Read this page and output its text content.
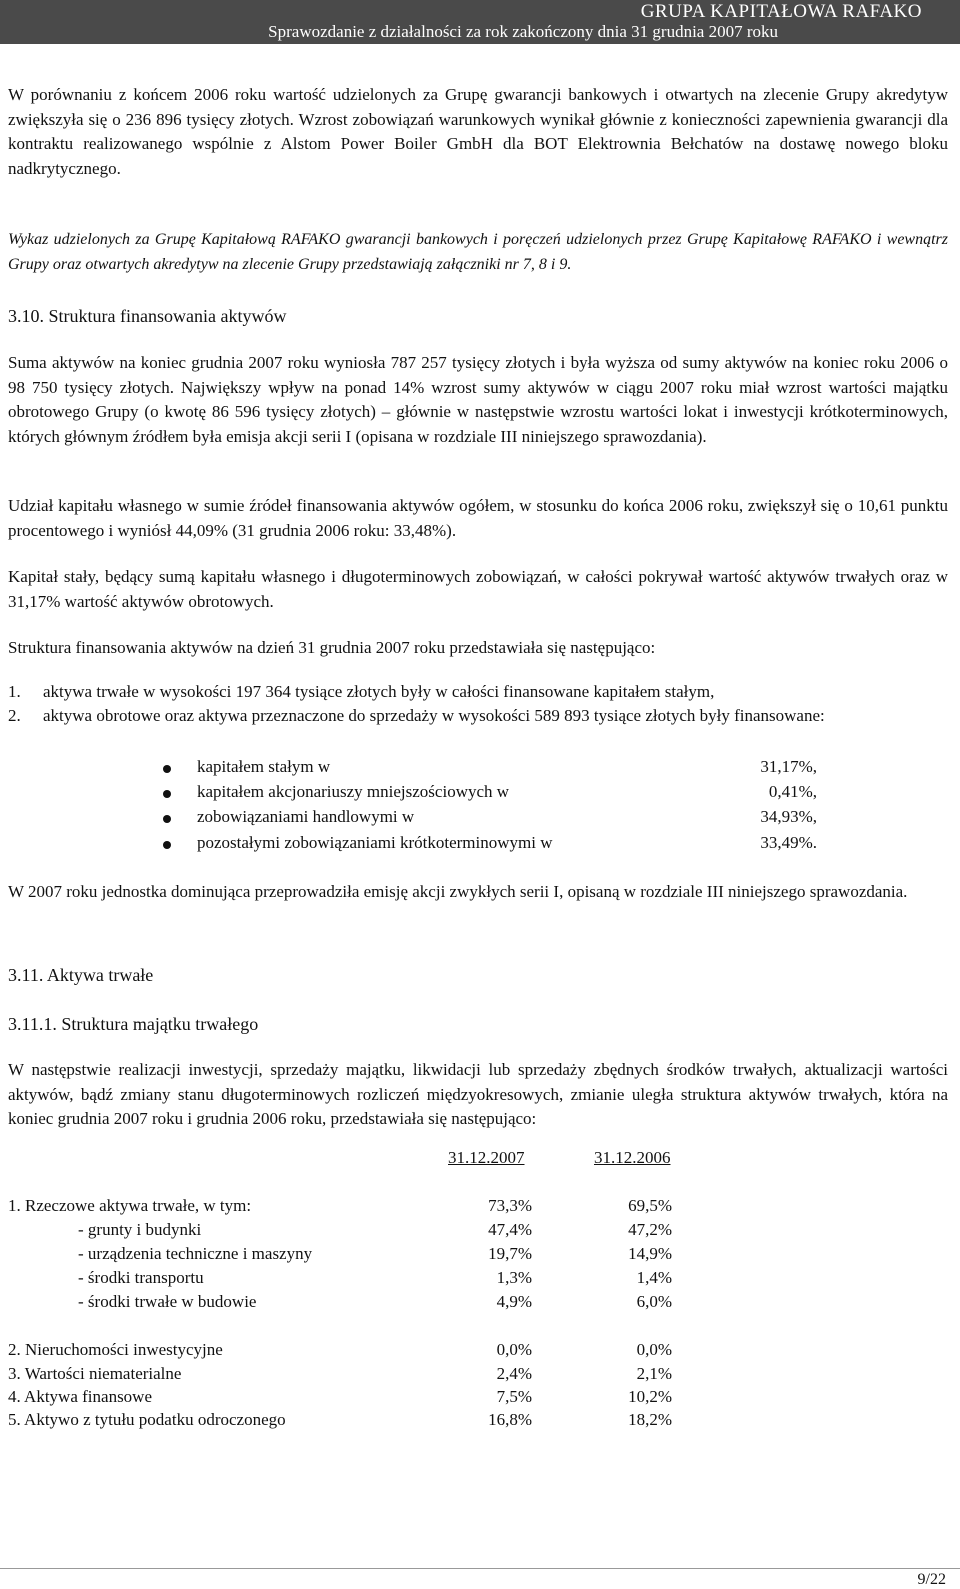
GRUPA KAPITAŁOWA RAFAKO
Sprawozdanie z działalności za rok zakończony dnia 31 grudnia 2007 roku
W porównaniu z końcem 2006 roku wartość udzielonych za Grupę gwarancji bankowych i otwartych na zlecenie Grupy akredytyw zwiększyła się o 236 896 tysięcy złotych. Wzrost zobowiązań warunkowych wynikał głównie z konieczności zapewnienia gwarancji dla kontraktu realizowanego wspólnie z Alstom Power Boiler GmbH dla BOT Elektrownia Bełchatów na dostawę nowego bloku nadkrytycznego.
Wykaz udzielonych za Grupę Kapitałową RAFAKO gwarancji bankowych i poręczeń udzielonych przez Grupę Kapitałowę RAFAKO i wewnątrz Grupy oraz otwartych akredytyw na zlecenie Grupy przedstawiają załączniki nr 7, 8 i 9.
3.10. Struktura finansowania aktywów
Suma aktywów na koniec grudnia 2007 roku wyniosła 787 257 tysięcy złotych i była wyższa od sumy aktywów na koniec roku 2006 o 98 750 tysięcy złotych. Największy wpływ na ponad 14% wzrost sumy aktywów w ciągu 2007 roku miał wzrost wartości majątku obrotowego Grupy (o kwotę 86 596 tysięcy złotych) – głównie w następstwie wzrostu wartości lokat i inwestycji krótkoterminowych, których głównym źródłem była emisja akcji serii I (opisana w rozdziale III niniejszego sprawozdania).
Udział kapitału własnego w sumie źródeł finansowania aktywów ogółem, w stosunku do końca 2006 roku, zwiększył się o 10,61 punktu procentowego i wyniósł 44,09% (31 grudnia 2006 roku: 33,48%).
Kapitał stały, będący sumą kapitału własnego i długoterminowych zobowiązań, w całości pokrywał wartość aktywów trwałych oraz w 31,17% wartość aktywów obrotowych.
Struktura finansowania aktywów na dzień 31 grudnia 2007 roku przedstawiała się następująco:
1. aktywa trwałe w wysokości 197 364 tysiące złotych były w całości finansowane kapitałem stałym,
2. aktywa obrotowe oraz aktywa przeznaczone do sprzedaży w wysokości 589 893 tysiące złotych były finansowane:
kapitałem stałym w	31,17%,
kapitałem akcjonariuszy mniejszościowych w	0,41%,
zobowiązaniami handlowymi w	34,93%,
pozostałymi zobowiązaniami krótkoterminowymi w	33,49%.
W 2007 roku jednostka dominująca przeprowadziła emisję akcji zwykłych serii I, opisaną w rozdziale III niniejszego sprawozdania.
3.11. Aktywa trwałe
3.11.1. Struktura majątku trwałego
W następstwie realizacji inwestycji, sprzedaży majątku, likwidacji lub sprzedaży zbędnych środków trwałych, aktualizacji wartości aktywów, bądź zmiany stanu długoterminowych rozliczeń międzyokresowych, zmianie uległa struktura aktywów trwałych, która na koniec grudnia 2007 roku i grudnia 2006 roku, przedstawiała się następująco:
31.12.2007	31.12.2006
1. Rzeczowe aktywa trwałe, w tym:	73,3%	69,5%
- grunty i budynki	47,4%	47,2%
- urządzenia techniczne i maszyny	19,7%	14,9%
- środki transportu	1,3%	1,4%
- środki trwałe w budowie	4,9%	6,0%
2. Nieruchomości inwestycyjne	0,0%	0,0%
3. Wartości niematerialne	2,4%	2,1%
4. Aktywa finansowe	7,5%	10,2%
5. Aktywo z tytułu podatku odroczonego	16,8%	18,2%
9/22
